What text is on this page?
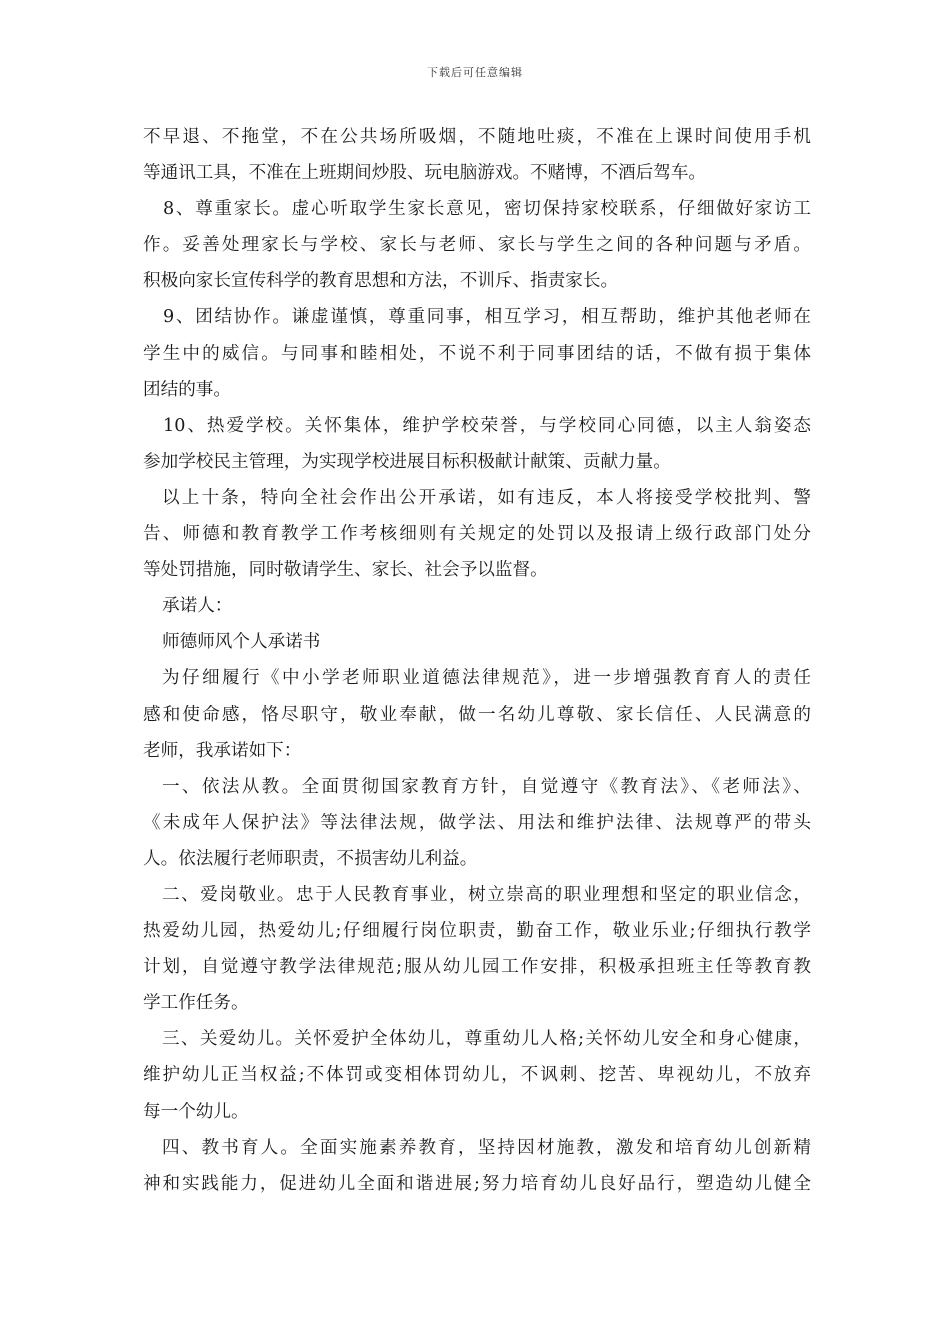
下载后可任意编辑
不早退、不拖堂，不在公共场所吸烟，不随地吐痰，不准在上课时间使用手机
等通讯工具，不准在上班期间炒股、玩电脑游戏。不赌博，不酒后驾车。
8、尊重家长。虚心听取学生家长意见，密切保持家校联系，仔细做好家访工
作。妥善处理家长与学校、家长与老师、家长与学生之间的各种问题与矛盾。
积极向家长宣传科学的教育思想和方法，不训斥、指责家长。
9、团结协作。谦虚谨慎，尊重同事，相互学习，相互帮助，维护其他老师在
学生中的威信。与同事和睦相处，不说不利于同事团结的话，不做有损于集体
团结的事。
10、热爱学校。关怀集体，维护学校荣誉，与学校同心同德，以主人翁姿态
参加学校民主管理，为实现学校进展目标积极献计献策、贡献力量。
以上十条，特向全社会作出公开承诺，如有违反，本人将接受学校批判、警
告、师德和教育教学工作考核细则有关规定的处罚以及报请上级行政部门处分
等处罚措施，同时敬请学生、家长、社会予以监督。
承诺人：
师德师风个人承诺书
为仔细履行《中小学老师职业道德法律规范》，进一步增强教育育人的责任
感和使命感，恪尽职守，敬业奉献，做一名幼儿尊敬、家长信任、人民满意的
老师，我承诺如下：
一、依法从教。全面贯彻国家教育方针，自觉遵守《教育法》、《老师法》、
《未成年人保护法》等法律法规，做学法、用法和维护法律、法规尊严的带头
人。依法履行老师职责，不损害幼儿利益。
二、爱岗敬业。忠于人民教育事业，树立崇高的职业理想和坚定的职业信念，
热爱幼儿园，热爱幼儿;仔细履行岗位职责，勤奋工作，敬业乐业;仔细执行教学
计划，自觉遵守教学法律规范;服从幼儿园工作安排，积极承担班主任等教育教
学工作任务。
三、关爱幼儿。关怀爱护全体幼儿，尊重幼儿人格;关怀幼儿安全和身心健康，
维护幼儿正当权益;不体罚或变相体罚幼儿，不讽刺、挖苦、卑视幼儿，不放弃
每一个幼儿。
四、教书育人。全面实施素养教育，坚持因材施教，激发和培育幼儿创新精
神和实践能力，促进幼儿全面和谐进展;努力培育幼儿良好品行，塑造幼儿健全
